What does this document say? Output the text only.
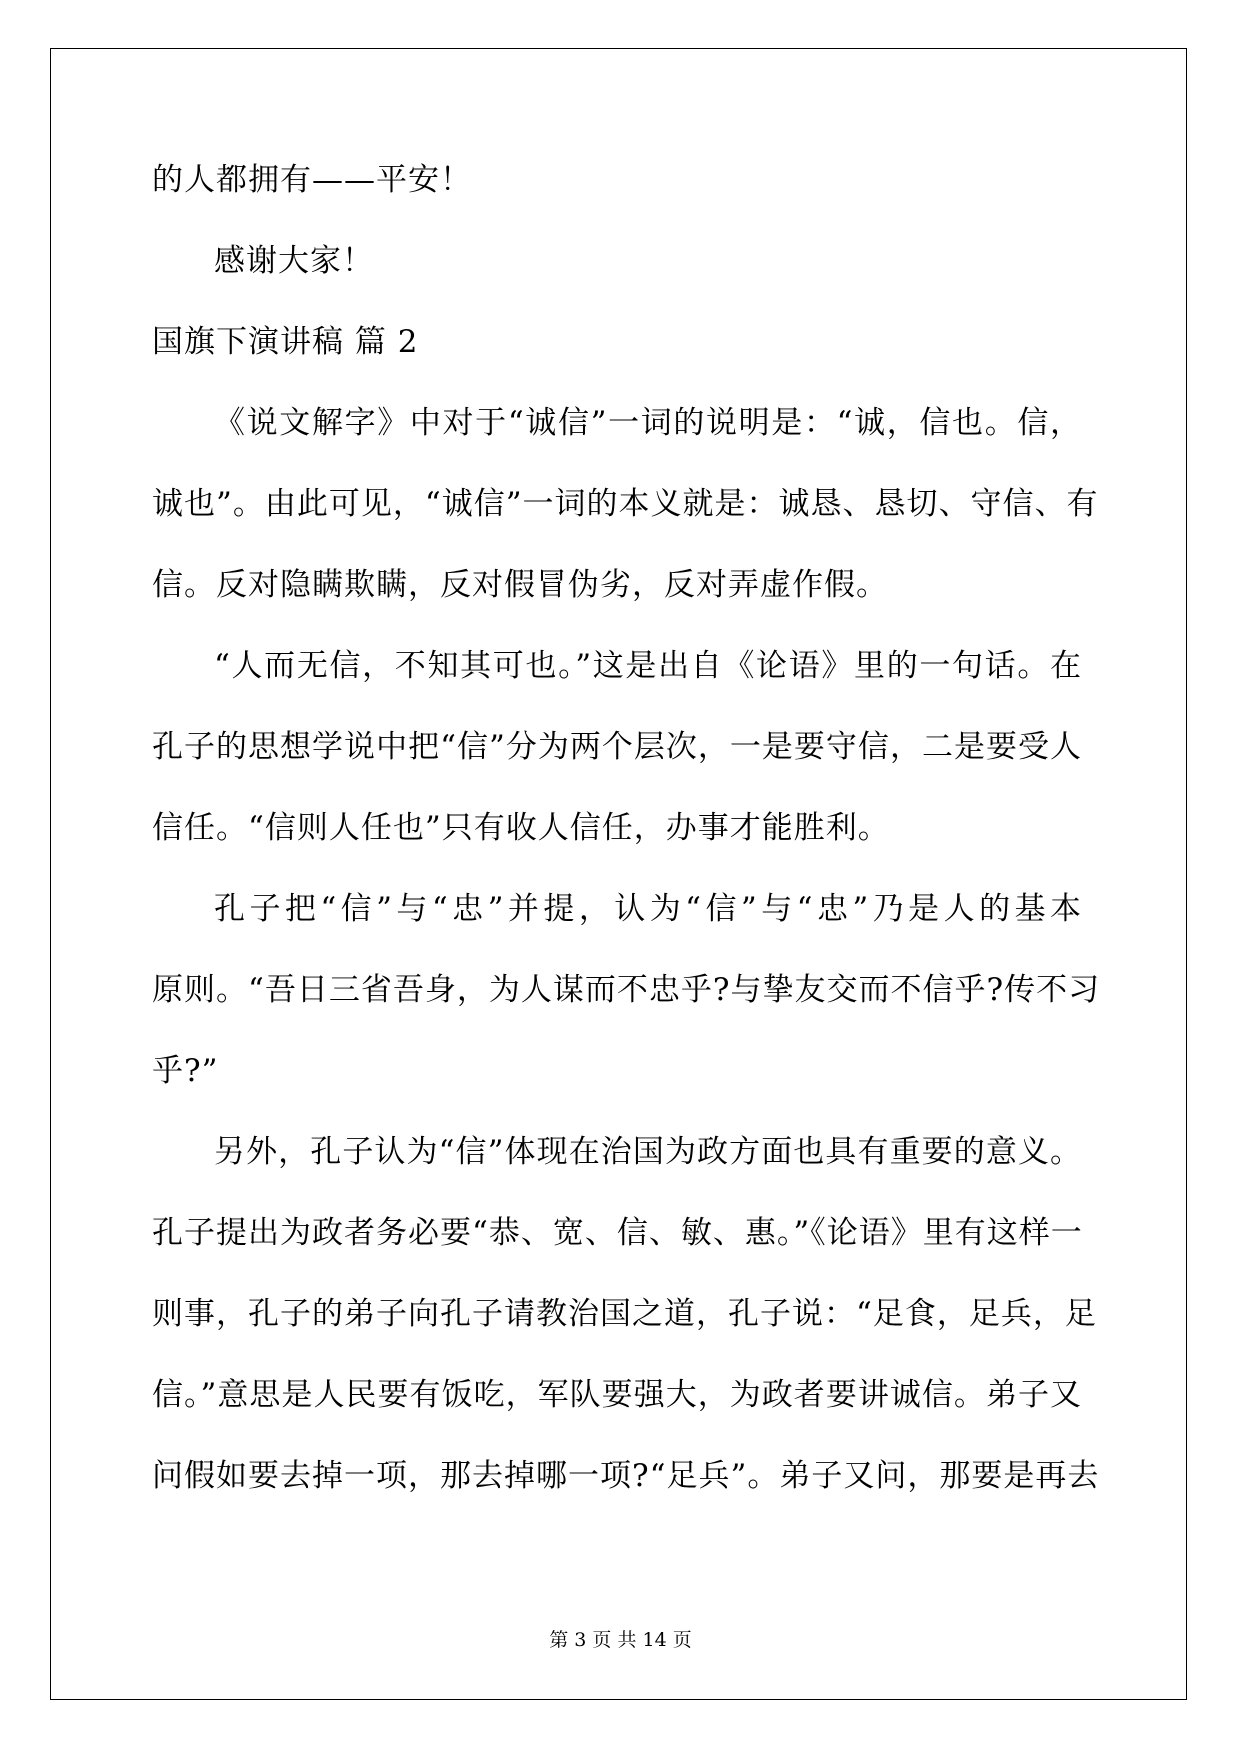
的人都拥有——平安！
感谢大家！
国旗下演讲稿 篇 2
《说文解字》中对于“诚信”一词的说明是：“诚，信也。信，
诚也”。由此可见，“诚信”一词的本义就是：诚恳、恳切、守信、有
信。反对隐瞒欺瞒，反对假冒伪劣，反对弄虚作假。
“人而无信，不知其可也。”这是出自《论语》里的一句话。在
孔子的思想学说中把“信”分为两个层次，一是要守信，二是要受人
信任。“信则人任也”只有收人信任，办事才能胜利。
孔子把“信”与“忠”并提，认为“信”与“忠”乃是人的基本
原则。“吾日三省吾身，为人谋而不忠乎?与挚友交而不信乎?传不习
乎?”
另外，孔子认为“信”体现在治国为政方面也具有重要的意义。
孔子提出为政者务必要“恭、宽、信、敏、惠。”《论语》里有这样一
则事，孔子的弟子向孔子请教治国之道，孔子说：“足食，足兵，足
信。”意思是人民要有饭吃，军队要强大，为政者要讲诚信。弟子又
问假如要去掉一项，那去掉哪一项?“足兵”。弟子又问，那要是再去
第 3 页 共 14 页
